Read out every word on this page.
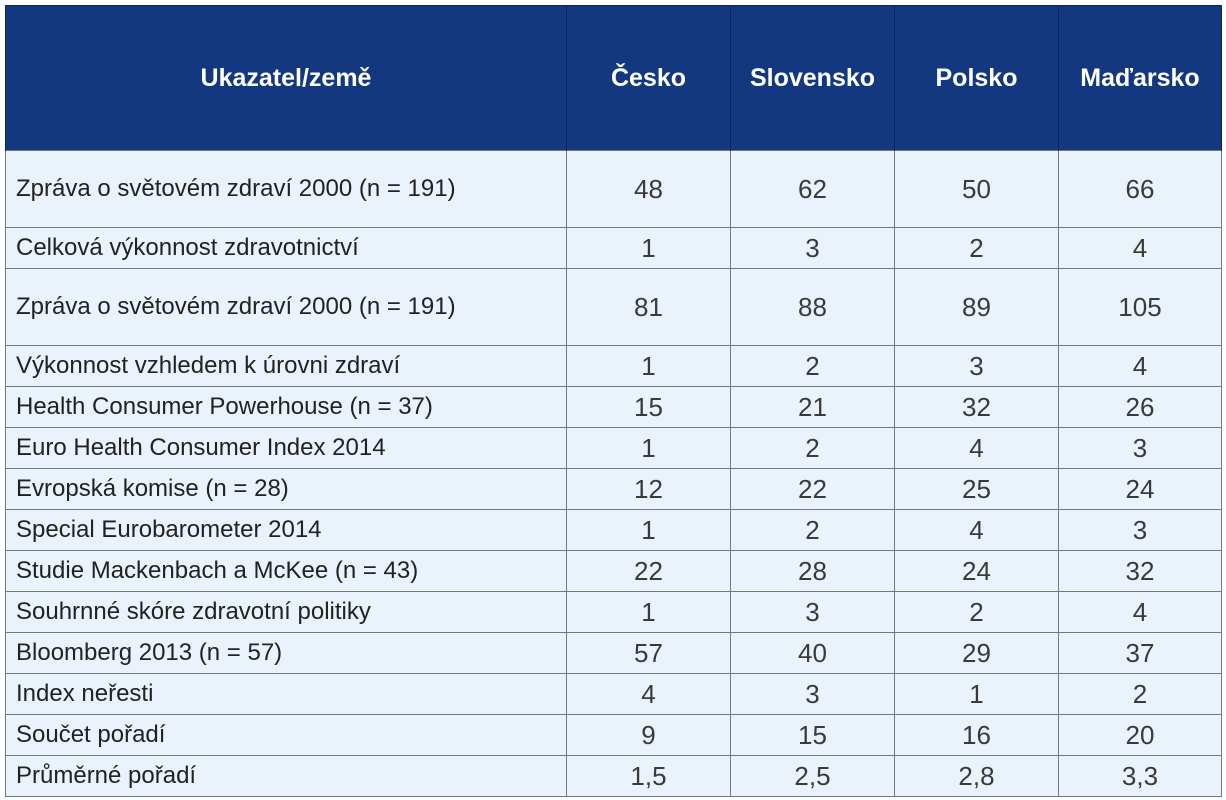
Ukazatel/země	Česko	Slovensko	Polsko	Maďarsko
Zpráva o světovém zdraví 2000 (n = 191)	48	62	50	66
Celková výkonnost zdravotnictví	1	3	2	4
Zpráva o světovém zdraví 2000 (n = 191)	81	88	89	105
Výkonnost vzhledem k úrovni zdraví	1	2	3	4
Health Consumer Powerhouse (n = 37)	15	21	32	26
Euro Health Consumer Index 2014	1	2	4	3
Evropská komise (n = 28)	12	22	25	24
Special Eurobarometer 2014	1	2	4	3
Studie Mackenbach a McKee (n = 43)	22	28	24	32
Souhrnné skóre zdravotní politiky	1	3	2	4
Bloomberg 2013 (n = 57)	57	40	29	37
Index neřesti	4	3	1	2
Součet pořadí	9	15	16	20
Průměrné pořadí	1,5	2,5	2,8	3,3
